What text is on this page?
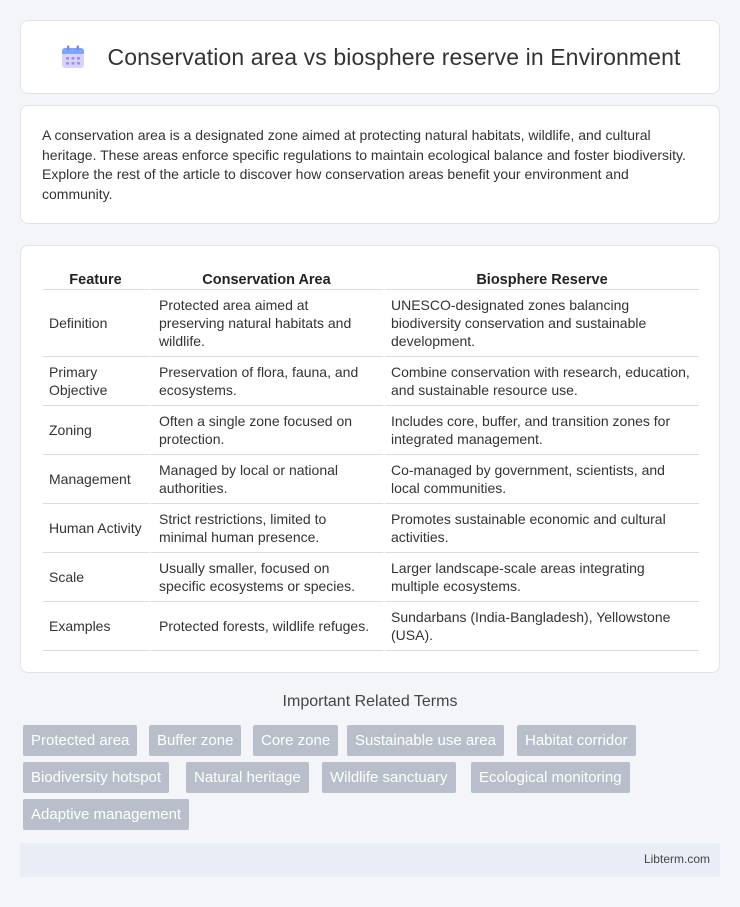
Conservation area vs biosphere reserve in Environment

A conservation area is a designated zone aimed at protecting natural habitats, wildlife, and cultural heritage. These areas enforce specific regulations to maintain ecological balance and foster biodiversity. Explore the rest of the article to discover how conservation areas benefit your environment and community.

Feature	Conservation Area	Biosphere Reserve
Definition	Protected area aimed at preserving natural habitats and wildlife.	UNESCO-designated zones balancing biodiversity conservation and sustainable development.
Primary Objective	Preservation of flora, fauna, and ecosystems.	Combine conservation with research, education, and sustainable resource use.
Zoning	Often a single zone focused on protection.	Includes core, buffer, and transition zones for integrated management.
Management	Managed by local or national authorities.	Co-managed by government, scientists, and local communities.
Human Activity	Strict restrictions, limited to minimal human presence.	Promotes sustainable economic and cultural activities.
Scale	Usually smaller, focused on specific ecosystems or species.	Larger landscape-scale areas integrating multiple ecosystems.
Examples	Protected forests, wildlife refuges.	Sundarbans (India-Bangladesh), Yellowstone (USA).
Important Related Terms
Protected area	Buffer zone	Core zone	Sustainable use area	Habitat corridor
Biodiversity hotspot	Natural heritage	Wildlife sanctuary	Ecological monitoring
Adaptive management
Libterm.com
